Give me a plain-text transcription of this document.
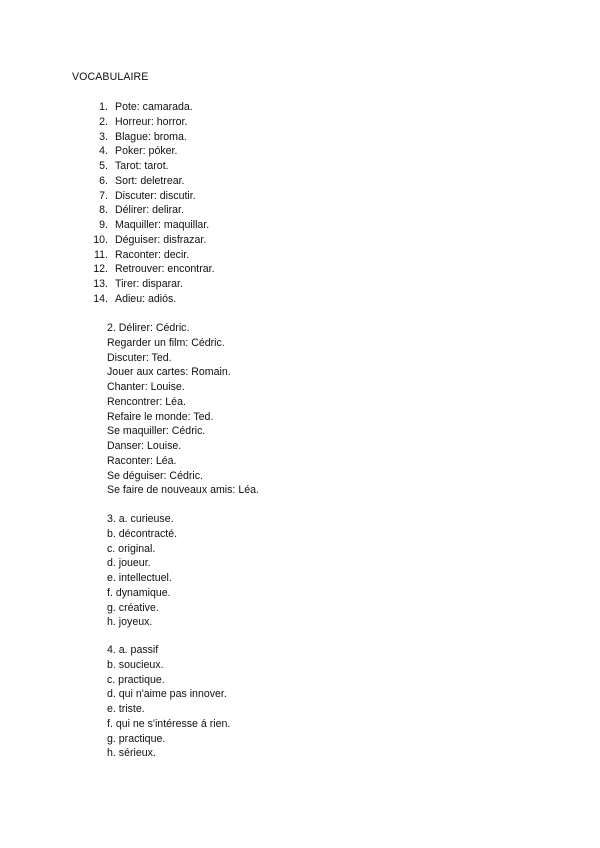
VOCABULAIRE
1. Pote: camarada.
2. Horreur: horror.
3. Blague: broma.
4. Poker: póker.
5. Tarot: tarot.
6. Sort: deletrear.
7. Discuter: discutir.
8. Délirer: delirar.
9. Maquiller: maquillar.
10. Déguiser: disfrazar.
11. Raconter: decir.
12. Retrouver: encontrar.
13. Tirer: disparar.
14. Adieu: adiós.
2. Délirer: Cédric.
Regarder un film: Cédric.
Discuter: Ted.
Jouer aux cartes: Romain.
Chanter: Louise.
Rencontrer: Léa.
Refaire le monde: Ted.
Se maquiller: Cédric.
Danser: Louise.
Raconter: Léa.
Se déguiser: Cédric.
Se faire de nouveaux amis: Léa.
3. a. curieuse.
b. décontracté.
c. original.
d. joueur.
e. intellectuel.
f. dynamique.
g. créative.
h. joyeux.
4. a. passif
b. soucieux.
c. practique.
d. qui n'aime pas innover.
e. triste.
f. qui ne s'intéresse á rien.
g. practique.
h. sérieux.
